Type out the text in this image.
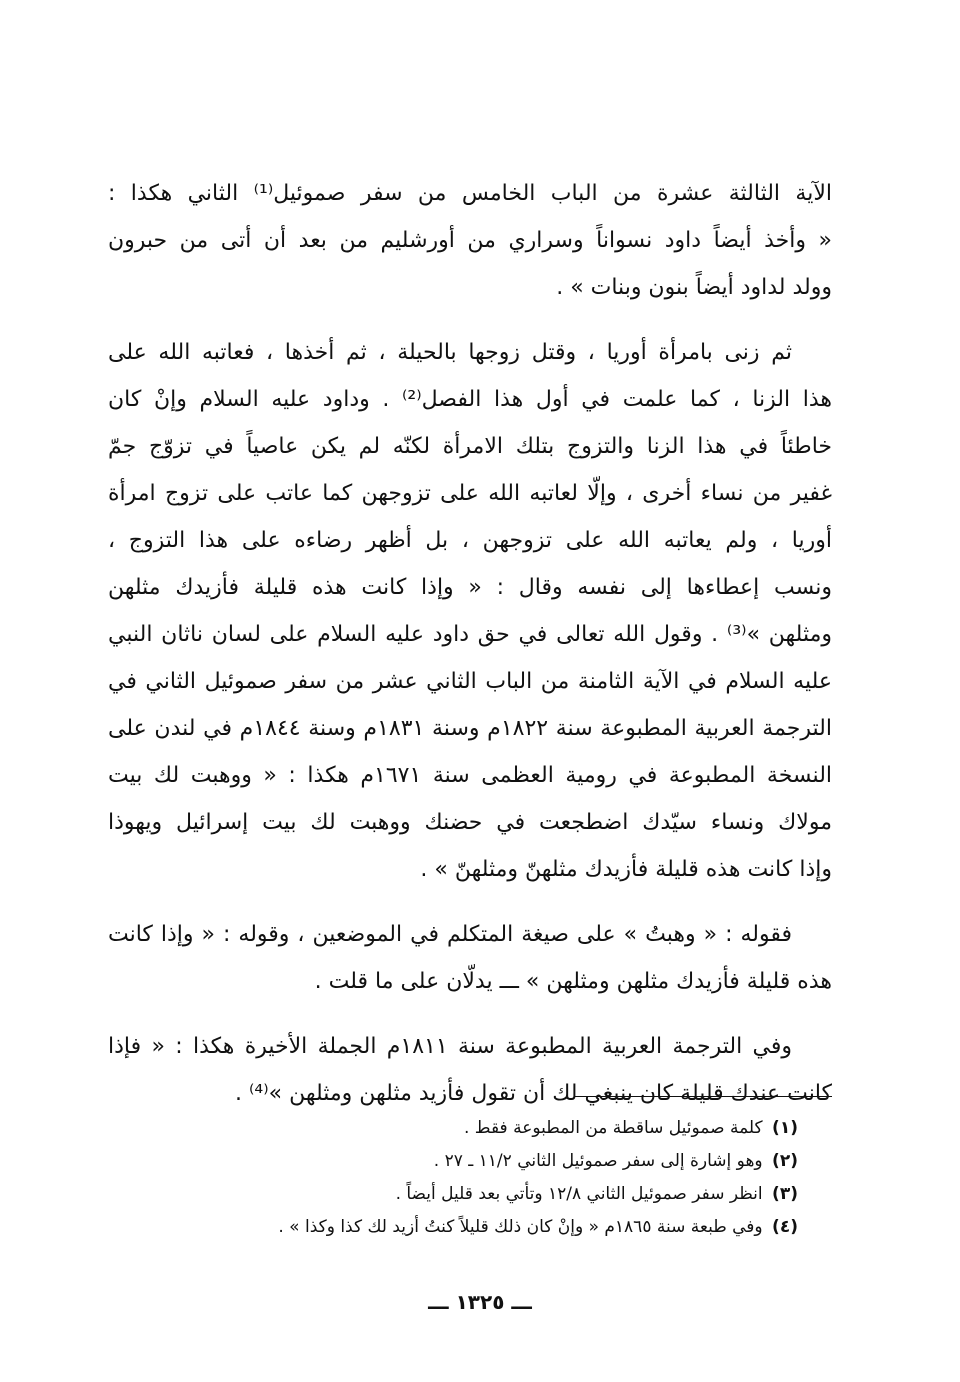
الآية الثالثة عشرة من الباب الخامس من سفر صموئيل⁽¹⁾ الثاني هكذا :
« وأخذ أيضاً داود نسواناً وسراري من أورشليم من بعد أن أتى من حبرون
وولد لداود أيضاً بنون وبنات » .

ثم زنى بامرأة أوريا ، وقتل زوجها بالحيلة ، ثم أخذها ، فعاتبه الله على
هذا الزنا ، كما علمت في أول هذا الفصل⁽²⁾ . وداود عليه السلام وإنْ كان
خاطئاً في هذا الزنا والتزوج بتلك الامرأة لكنّه لم يكن عاصياً في تزوّج جمّ
غفير من نساء أخرى ، وإلّا لعاتبه الله على تزوجهن كما عاتب على تزوج امرأة
أوريا ، ولم يعاتبه الله على تزوجهن ، بل أظهر رضاءه على هذا التزوج ،
ونسب إعطاءها إلى نفسه وقال : « وإذا كانت هذه قليلة فأزيدك مثلهن
ومثلهن »⁽³⁾ . وقول الله تعالى في حق داود عليه السلام على لسان ناثان النبي
عليه السلام في الآية الثامنة من الباب الثاني عشر من سفر صموئيل الثاني في
الترجمة العربية المطبوعة سنة ١٨٢٢م وسنة ١٨٣١م وسنة ١٨٤٤م في لندن على
النسخة المطبوعة في رومية العظمى سنة ١٦٧١م هكذا : « ووهبت لك بيت
مولاك ونساء سيّدك اضطجعت في حضنك ووهبت لك بيت إسرائيل ويهوذا
وإذا كانت هذه قليلة فأزيدك مثلهنّ ومثلهنّ » .

فقوله : « وهبتُ » على صيغة المتكلم في الموضعين ، وقوله : « وإذا كانت
هذه قليلة فأزيدك مثلهن ومثلهن » ـــ يدلّان على ما قلت .

وفي الترجمة العربية المطبوعة سنة ١٨١١م الجملة الأخيرة هكذا : « فإذا
كانت عندك قليلة كان ينبغي لك أن تقول فأزيد مثلهن ومثلهن »⁽⁴⁾ .

(١) كلمة صموئيل ساقطة من المطبوعة فقط .
(٢) وهو إشارة إلى سفر صموئيل الثاني ١١/٢ ـ ٢٧ .
(٣) انظر سفر صموئيل الثاني ١٢/٨ وتأتي بعد قليل أيضاً .
(٤) وفي طبعة سنة ١٨٦٥م « وإنْ كان ذلك قليلاً كنتُ أزيد لك كذا وكذا » .
ـــ ١٣٢٥ ـــ
